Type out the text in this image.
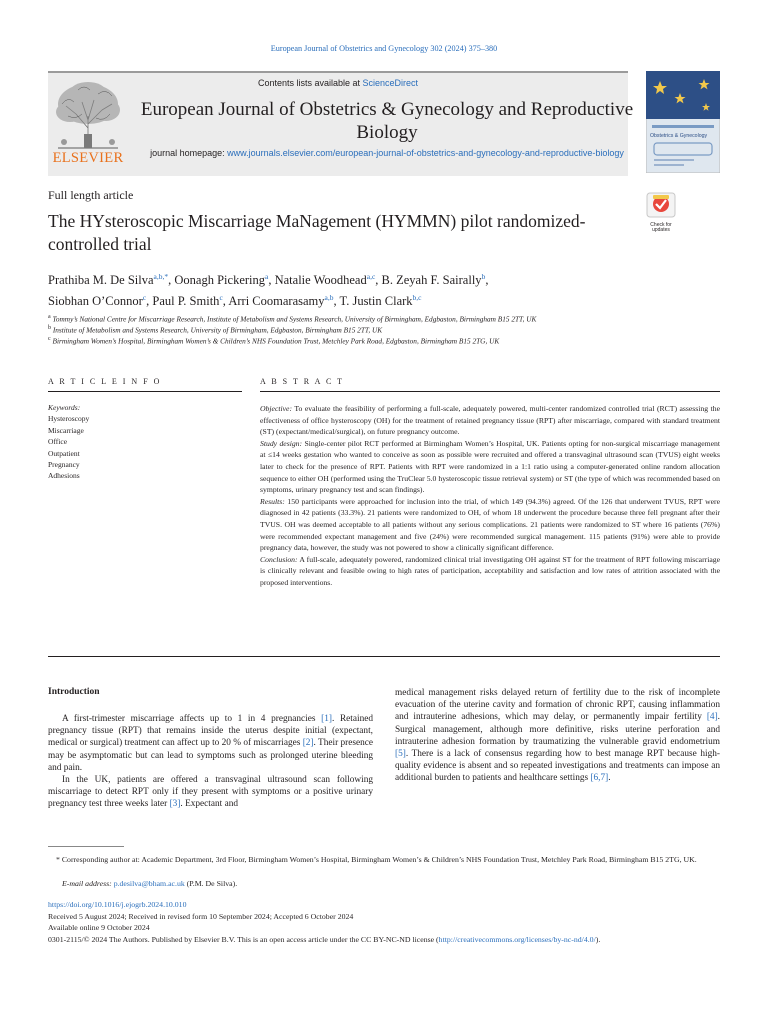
European Journal of Obstetrics and Gynecology 302 (2024) 375–380
ELSEVIER
Contents lists available at ScienceDirect
European Journal of Obstetrics & Gynecology and Reproductive Biology
journal homepage: www.journals.elsevier.com/european-journal-of-obstetrics-and-gynecology-and-reproductive-biology
Obstetrics & Gynecology
Full length article
The HYsteroscopic Miscarriage MaNagement (HYMMN) pilot randomized-controlled trial
Check for updates
Prathiba M. De Silva$^{a,b,*}$, Oonagh Pickering$^a$, Natalie Woodhead$^{a,c}$, B. Zeyah F. Sairally$^b$,
Siobhan O’Connor$^c$, Paul P. Smith$^c$, Arri Coomarasamy$^{a,b}$, T. Justin Clark$^{b,c}$
$^a$ Tommy’s National Centre for Miscarriage Research, Institute of Metabolism and Systems Research, University of Birmingham, Edgbaston, Birmingham B15 2TT, UK
$^b$ Institute of Metabolism and Systems Research, University of Birmingham, Edgbaston, Birmingham B15 2TT, UK
$^c$ Birmingham Women’s Hospital, Birmingham Women’s & Children’s NHS Foundation Trust, Metchley Park Road, Edgbaston, Birmingham B15 2TG, UK
A R T I C L E I N F O	A B S T R A C T
Keywords:
Hysteroscopy
Miscarriage
Office
Outpatient
Pregnancy
Adhesions

Objective: To evaluate the feasibility of performing a full-scale, adequately powered, multi-center randomized controlled trial (RCT) assessing the effectiveness of office hysteroscopy (OH) for the treatment of retained pregnancy tissue (RPT) after miscarriage, compared with standard treatment (ST) (expectant/medical/surgical), on future pregnancy outcome.

Study design: Single-center pilot RCT performed at Birmingham Women’s Hospital, UK. Patients opting for non-surgical miscarriage management at ≤14 weeks gestation who wanted to conceive as soon as possible were recruited and offered a transvaginal ultrasound scan (TVUS) eight weeks later to check for the presence of RPT. Patients with RPT were randomized in a 1:1 ratio using a computer-generated online random allocation sequence to either OH (performed using the TruClear 5.0 hysteroscopic tissue retrieval system) or ST (the type of which was recommended based on symptoms, urinary pregnancy test and scan findings).

Results: 150 participants were approached for inclusion into the trial, of which 149 (94.3%) agreed. Of the 126 that underwent TVUS, RPT were diagnosed in 42 patients (33.3%). 21 patients were randomized to OH, of whom 18 underwent the procedure because three fell pregnant after their TVUS. OH was deemed acceptable to all patients without any serious complications. 21 patients were randomized to ST where 16 patients (76%) were recommended expectant management and five (24%) were recommended surgical management. 115 patients (91%) were able to provide pregnancy data, however, the study was not powered to show a clinically significant difference.

Conclusion: A full-scale, adequately powered, randomized clinical trial investigating OH against ST for the treatment of RPT following miscarriage is clinically relevant and feasible owing to high rates of participation, acceptability and satisfaction and low rates of attrition associated with the proposed interventions.

Introduction

A first-trimester miscarriage affects up to 1 in 4 pregnancies [1]. Retained pregnancy tissue (RPT) that remains inside the uterus despite initial (expectant, medical or surgical) treatment can affect up to 20 % of miscarriages [2]. Their presence may be asymptomatic but can lead to symptoms such as prolonged uterine bleeding and pain.

In the UK, patients are offered a transvaginal ultrasound scan following miscarriage to detect RPT only if they present with symptoms or a positive urinary pregnancy test three weeks later [3]. Expectant and

medical management risks delayed return of fertility due to the risk of incomplete evacuation of the uterine cavity and formation of chronic RPT, causing inflammation and intrauterine adhesions, which may delay, or permanently impair fertility [4]. Surgical management, although more definitive, risks uterine perforation and intrauterine adhesion formation by traumatizing the vulnerable gravid endometrium [5]. There is a lack of consensus regarding how to best manage RPT because high-quality evidence is absent and so repeated investigations and treatments can impose an additional burden to patients and healthcare settings [6,7].

* Corresponding author at: Academic Department, 3rd Floor, Birmingham Women’s Hospital, Birmingham Women’s & Children’s NHS Foundation Trust, Metchley Park Road, Birmingham B15 2TG, UK.
E-mail address: p.desilva@bham.ac.uk (P.M. De Silva).
https://doi.org/10.1016/j.ejogrb.2024.10.010
Received 5 August 2024; Received in revised form 10 September 2024; Accepted 6 October 2024
Available online 9 October 2024
0301-2115/© 2024 The Authors. Published by Elsevier B.V. This is an open access article under the CC BY-NC-ND license (http://creativecommons.org/licenses/by-nc-nd/4.0/).
